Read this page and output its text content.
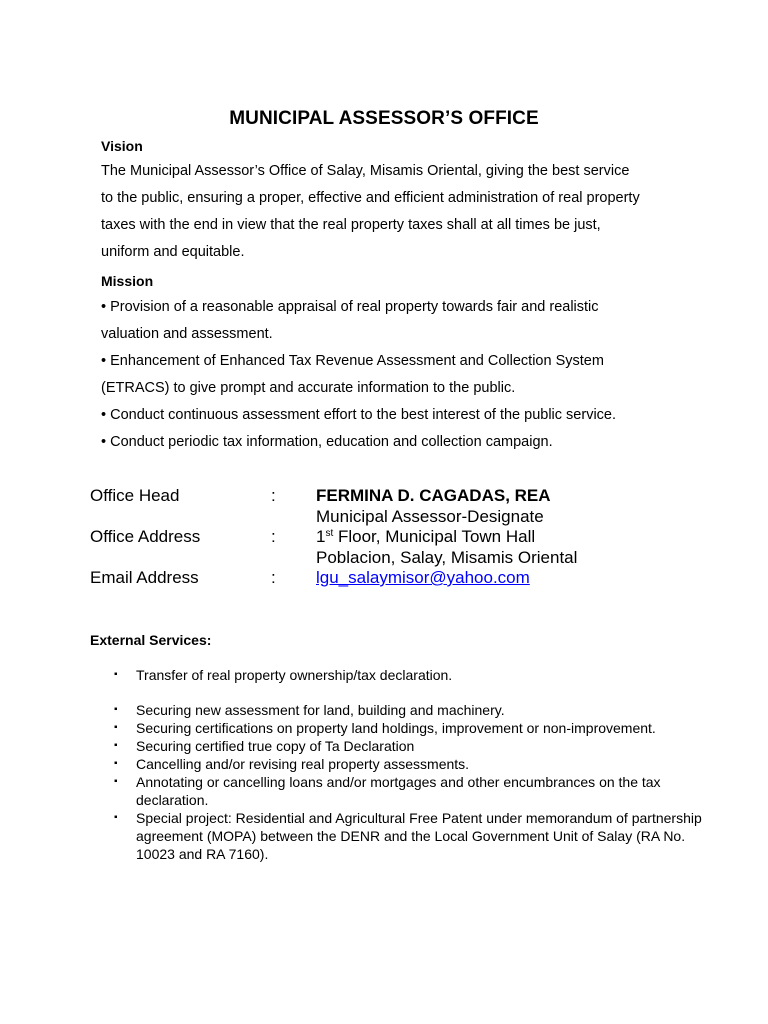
MUNICIPAL ASSESSOR’S OFFICE
Vision

The Municipal Assessor’s Office of Salay, Misamis Oriental, giving the best service

to the public, ensuring a proper, effective and efficient administration of real property

taxes with the end in view that the real property taxes shall at all times be just,

uniform and equitable.

Mission

• Provision of a reasonable appraisal of real property towards fair and realistic

valuation and assessment.

• Enhancement of Enhanced Tax Revenue Assessment and Collection System

(ETRACS) to give prompt and accurate information to the public.

• Conduct continuous assessment effort to the best interest of the public service.

• Conduct periodic tax information, education and collection campaign.

Office Head	: FERMINA D. CAGADAS, REA
Municipal Assessor-Designate
Office Address	: 1st Floor, Municipal Town Hall
Poblacion, Salay, Misamis Oriental
Email Address	: lgu_salaymisor@yahoo.com
External Services:
▪ Transfer of real property ownership/tax declaration.
▪ Securing new assessment for land, building and machinery.
▪ Securing certifications on property land holdings, improvement or non-improvement.
▪ Securing certified true copy of Ta Declaration
▪ Cancelling and/or revising real property assessments.
▪ Annotating or cancelling loans and/or mortgages and other encumbrances on the tax declaration.
▪ Special project: Residential and Agricultural Free Patent under memorandum of partnership agreement (MOPA) between the DENR and the Local Government Unit of Salay (RA No. 10023 and RA 7160).
